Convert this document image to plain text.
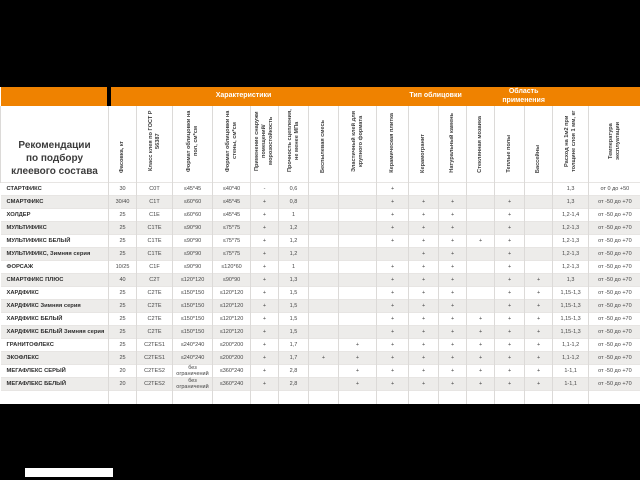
	Характеристики								Тип облицовки				Область применения			
Рекомендации
по подбору
клеевого состава	Фасовка, кг	Класс клея по ГОСТ Р 56387	Формат облицовки на пол, см*см	Формат облицовки на стены, см*см	Применение снаружи помещений/ морозостойкость	Прочность сцепления, не менее МПа	Беспылевая смесь	Эластичный клей для крупного формата	Керамическая плитка	Керамогранит	Натуральный камень	Стеклянная мозаика	Теплые полы	Бассейны	Расход на 1м2 при толщине слоя 1 мм, кг	Температура эксплуатации
СТАРТФИКС	30	C0T	≤45*45	≤40*40	-	0,6			+						1,3	от 0 до +50
СМАРТФИКС	30/40	C1T	≤60*60	≤45*45	+	0,8			+	+	+		+		1,3	от -50 до +70
ХОЛДЕР	25	C1E	≤60*60	≤45*45	+	1			+	+	+		+		1,2-1,4	от -50 до +70
МУЛЬТИФИКС	25	C1TE	≤90*90	≤75*75	+	1,2			+	+	+		+		1,2-1,3	от -50 до +70
МУЛЬТИФИКС БЕЛЫЙ	25	C1TE	≤90*90	≤75*75	+	1,2			+	+	+	+	+		1,2-1,3	от -50 до +70
МУЛЬТИФИКС, Зимняя серия	25	C1TE	≤90*90	≤75*75	+	1,2				+	+		+		1,2-1,3	от -50 до +70
ФОРСАЖ	10/25	C1F	≤90*90	≤120*60	+	1			+	+	+		+		1,2-1,3	от -50 до +70
СМАРТФИКС ПЛЮС	40	C2T	≤120*120	≤90*90	+	1,3			+	+	+		+	+	1,3	от -50 до +70
ХАРДФИКС	25	C2TE	≤150*150	≤120*120	+	1,5			+	+	+		+	+	1,15-1,3	от -50 до +70
ХАРДФИКС Зимняя серия	25	C2TE	≤150*150	≤120*120	+	1,5			+	+	+		+	+	1,15-1,3	от -50 до +70
ХАРДФИКС БЕЛЫЙ	25	C2TE	≤150*150	≤120*120	+	1,5			+	+	+	+	+	+	1,15-1,3	от -50 до +70
ХАРДФИКС БЕЛЫЙ Зимняя серия	25	C2TE	≤150*150	≤120*120	+	1,5			+	+	+	+	+	+	1,15-1,3	от -50 до +70
ГРАНИТОФЛЕКС	25	C2TES1	≤240*240	≤200*200	+	1,7		+	+	+	+	+	+	+	1,1-1,2	от -50 до +70
ЭКОФЛЕКС	25	C2TES1	≤240*240	≤200*200	+	1,7	+	+	+	+	+	+	+	+	1,1-1,2	от -50 до +70
МЕГАФЛЕКС СЕРЫЙ	20	C2TES2	без ограничений	≤360*240	+	2,8		+	+	+	+	+	+	+	1-1,1	от -50 до +70
МЕГАФЛЕКС БЕЛЫЙ	20	C2TES2	без ограничений	≤360*240	+	2,8		+	+	+	+	+	+	+	1-1,1	от -50 до +70
